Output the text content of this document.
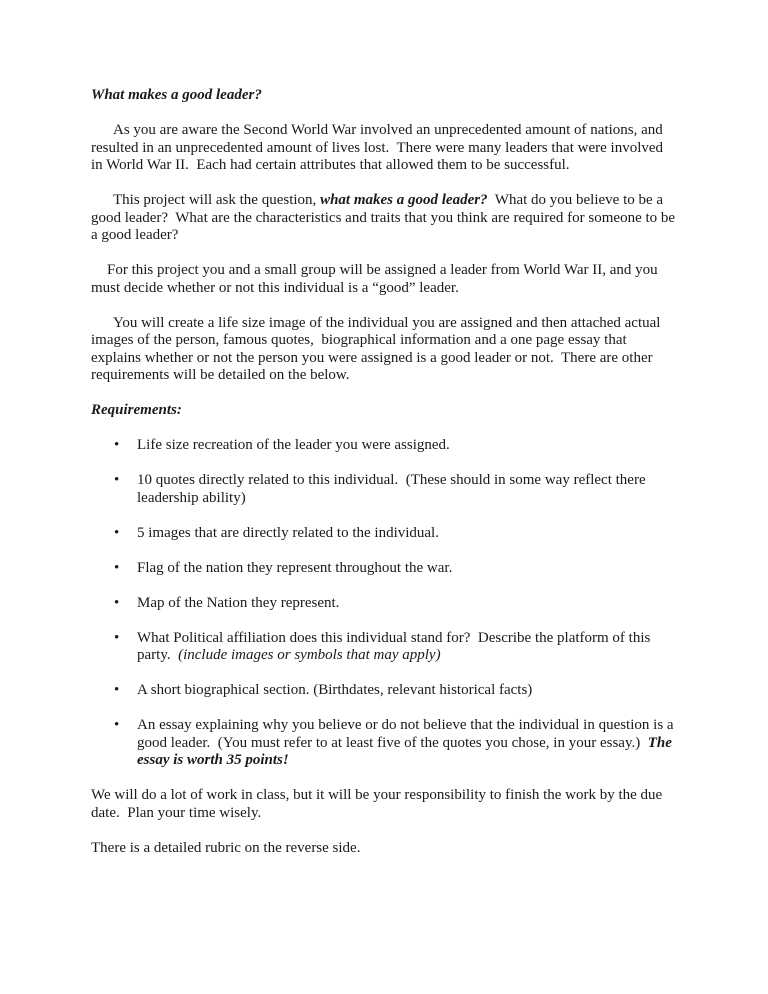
What makes a good leader?
As you are aware the Second World War involved an unprecedented amount of nations, and
resulted in an unprecedented amount of lives lost.  There were many leaders that were involved
in World War II.  Each had certain attributes that allowed them to be successful.
This project will ask the question, what makes a good leader?  What do you believe to be a
good leader?  What are the characteristics and traits that you think are required for someone to be
a good leader?
For this project you and a small group will be assigned a leader from World War II, and you
must decide whether or not this individual is a “good” leader.
You will create a life size image of the individual you are assigned and then attached actual
images of the person, famous quotes,  biographical information and a one page essay that
explains whether or not the person you were assigned is a good leader or not.  There are other
requirements will be detailed on the below.
Requirements:
•	Life size recreation of the leader you were assigned.
•	10 quotes directly related to this individual.  (These should in some way reflect there
leadership ability)
•	5 images that are directly related to the individual.
•	Flag of the nation they represent throughout the war.
•	Map of the Nation they represent.
•	What Political affiliation does this individual stand for?  Describe the platform of this
party.  (include images or symbols that may apply)
•	A short biographical section. (Birthdates, relevant historical facts)
•	An essay explaining why you believe or do not believe that the individual in question is a
good leader.  (You must refer to at least five of the quotes you chose, in your essay.)  The
essay is worth 35 points!
We will do a lot of work in class, but it will be your responsibility to finish the work by the due
date.  Plan your time wisely.
There is a detailed rubric on the reverse side.
